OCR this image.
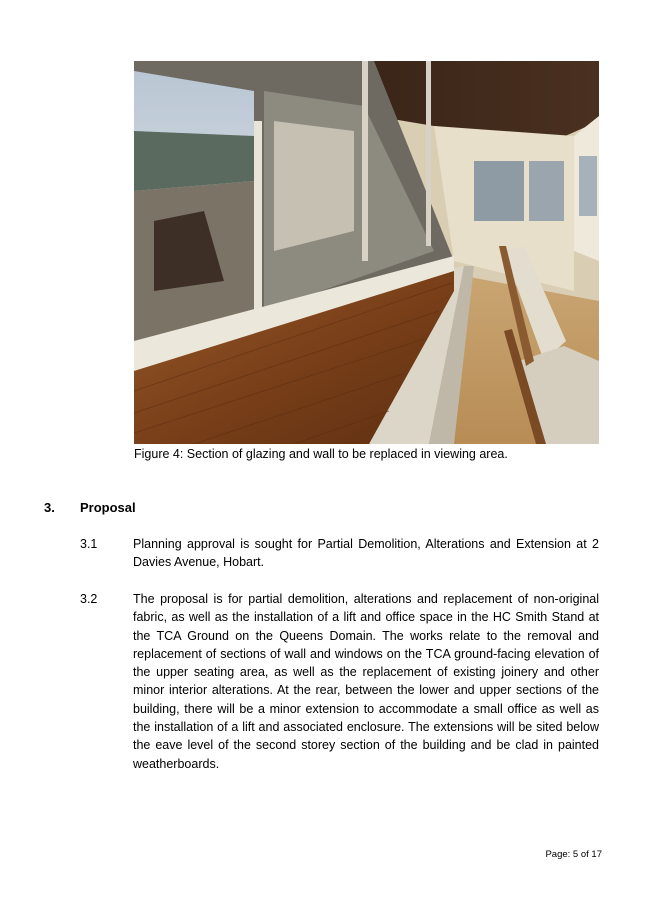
Figure 4: Section of glazing and wall to be replaced in viewing area.
3. Proposal
3.1	Planning approval is sought for Partial Demolition, Alterations and Extension at 2 Davies Avenue, Hobart.
3.2	The proposal is for partial demolition, alterations and replacement of non-original fabric, as well as the installation of a lift and office space in the HC Smith Stand at the TCA Ground on the Queens Domain. The works relate to the removal and replacement of sections of wall and windows on the TCA ground-facing elevation of the upper seating area, as well as the replacement of existing joinery and other minor interior alterations. At the rear, between the lower and upper sections of the building, there will be a minor extension to accommodate a small office as well as the installation of a lift and associated enclosure. The extensions will be sited below the eave level of the second storey section of the building and be clad in painted weatherboards.
Page: 5 of 17
